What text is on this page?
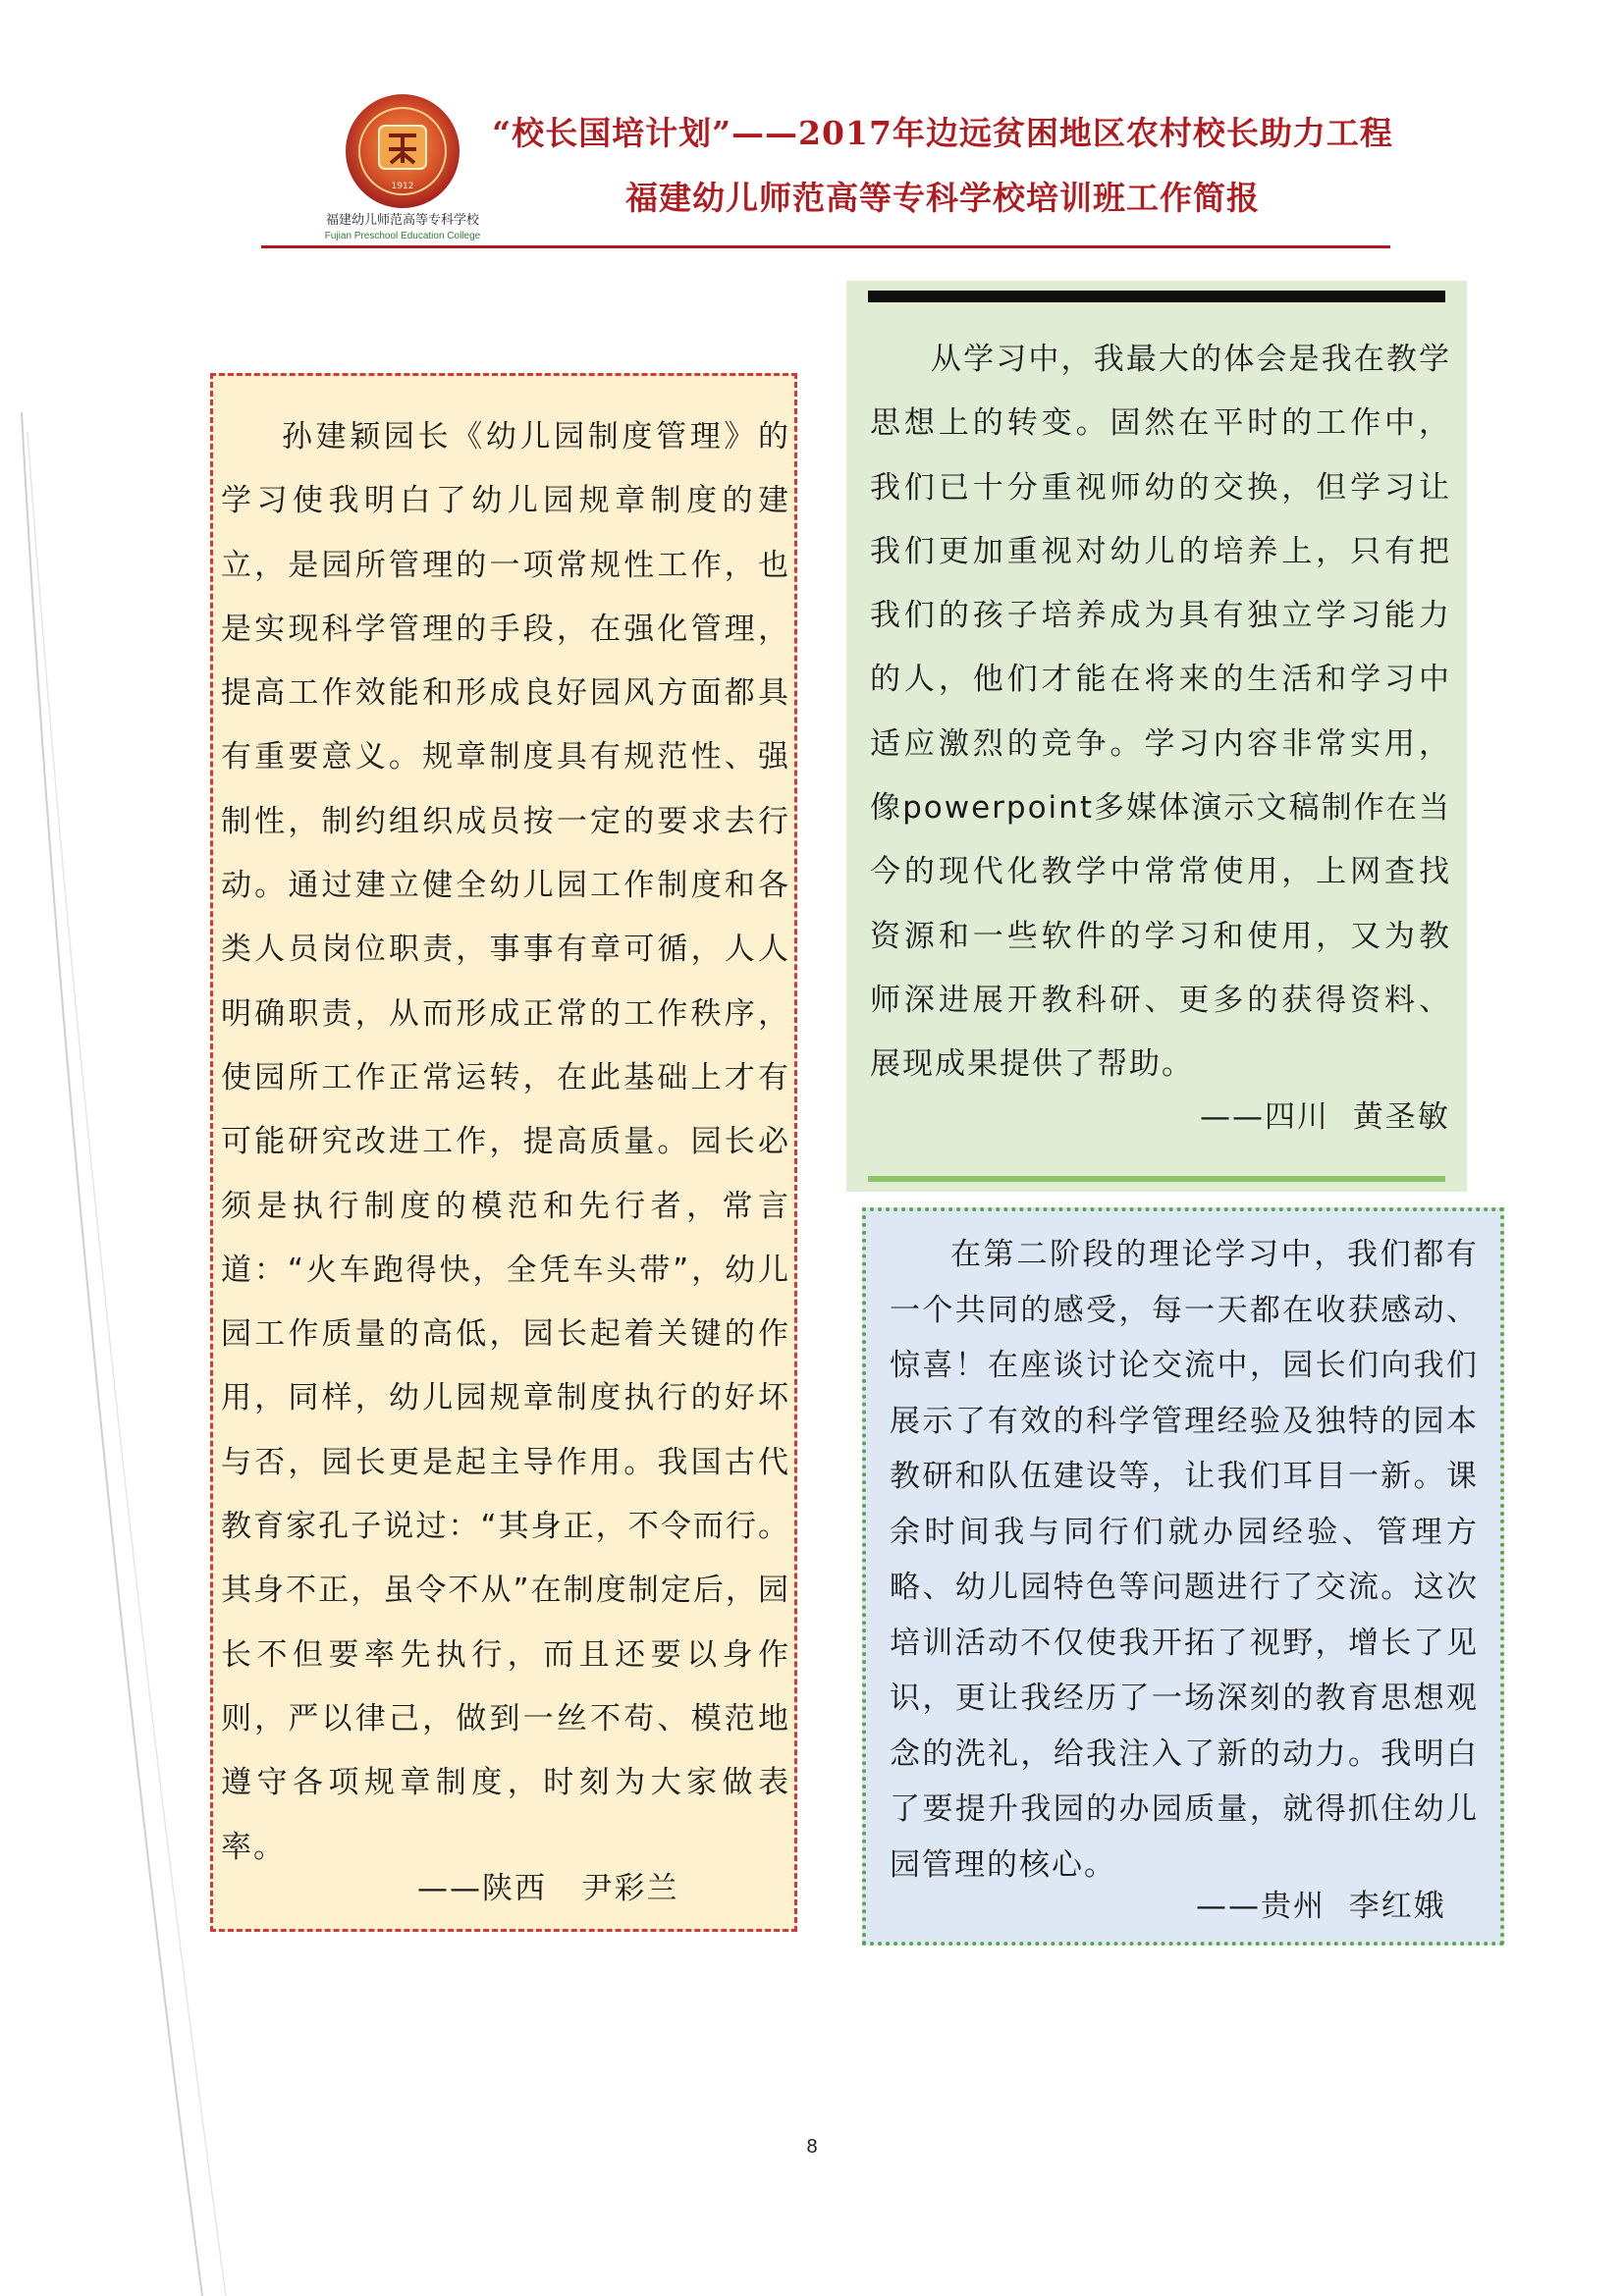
1912
福建幼儿师范高等专科学校
Fujian Preschool Education College
“校长国培计划”——2017年边远贫困地区农村校长助力工程
福建幼儿师范高等专科学校培训班工作简报

孙建颖园长《幼儿园制度管理》的学习使我明白了幼儿园规章制度的建立，是园所管理的一项常规性工作，也是实现科学管理的手段，在强化管理，提高工作效能和形成良好园风方面都具有重要意义。规章制度具有规范性、强制性，制约组织成员按一定的要求去行动。通过建立健全幼儿园工作制度和各类人员岗位职责，事事有章可循，人人明确职责，从而形成正常的工作秩序，使园所工作正常运转，在此基础上才有可能研究改进工作，提高质量。园长必须是执行制度的模范和先行者，常言道：“火车跑得快，全凭车头带”，幼儿园工作质量的高低，园长起着关键的作用，同样，幼儿园规章制度执行的好坏与否，园长更是起主导作用。我国古代教育家孔子说过：“其身正，不令而行。其身不正，虽令不从”在制度制定后，园长不但要率先执行，而且还要以身作则，严以律己，做到一丝不苟、模范地遵守各项规章制度，时刻为大家做表率。

——陕西   尹彩兰

从学习中，我最大的体会是我在教学思想上的转变。固然在平时的工作中，我们已十分重视师幼的交换，但学习让我们更加重视对幼儿的培养上，只有把我们的孩子培养成为具有独立学习能力的人，他们才能在将来的生活和学习中适应激烈的竞争。学习内容非常实用，像powerpoint多媒体演示文稿制作在当今的现代化教学中常常使用，上网查找资源和一些软件的学习和使用，又为教师深进展开教科研、更多的获得资料、展现成果提供了帮助。

——四川  黄圣敏

在第二阶段的理论学习中，我们都有一个共同的感受，每一天都在收获感动、惊喜！在座谈讨论交流中，园长们向我们展示了有效的科学管理经验及独特的园本教研和队伍建设等，让我们耳目一新。课余时间我与同行们就办园经验、管理方略、幼儿园特色等问题进行了交流。这次培训活动不仅使我开拓了视野，增长了见识，更让我经历了一场深刻的教育思想观念的洗礼，给我注入了新的动力。我明白了要提升我园的办园质量，就得抓住幼儿园管理的核心。

——贵州  李红娥
8
